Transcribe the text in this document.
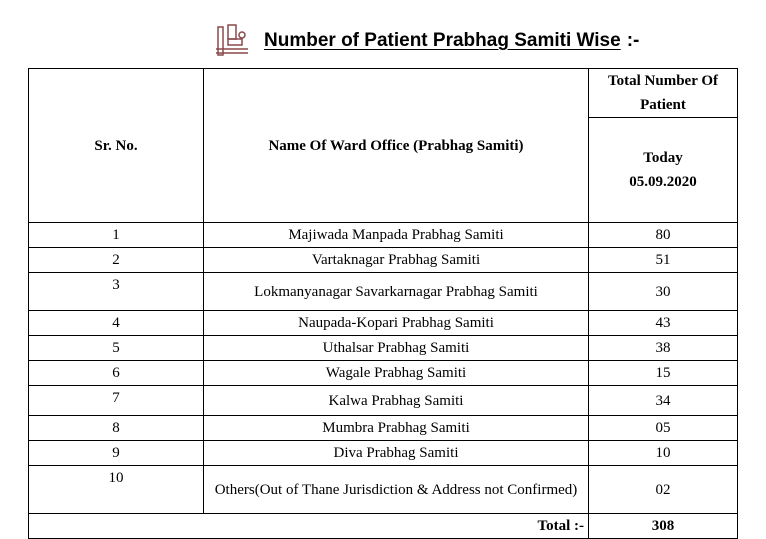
Number of Patient Prabhag Samiti Wise :-
Sr. No.	Name Of Ward Office (Prabhag Samiti)	Total Number Of Patient

		Today
05.09.2020

1	Majiwada Manpada Prabhag Samiti	80
2	Vartaknagar Prabhag Samiti	51
3	Lokmanyanagar Savarkarnagar Prabhag Samiti	30
4	Naupada-Kopari Prabhag Samiti	43
5	Uthalsar Prabhag Samiti	38
6	Wagale Prabhag Samiti	15
7	Kalwa Prabhag Samiti	34
8	Mumbra Prabhag Samiti	05
9	Diva Prabhag Samiti	10
10	Others(Out of Thane Jurisdiction & Address not Confirmed)	02
Total :-		308
